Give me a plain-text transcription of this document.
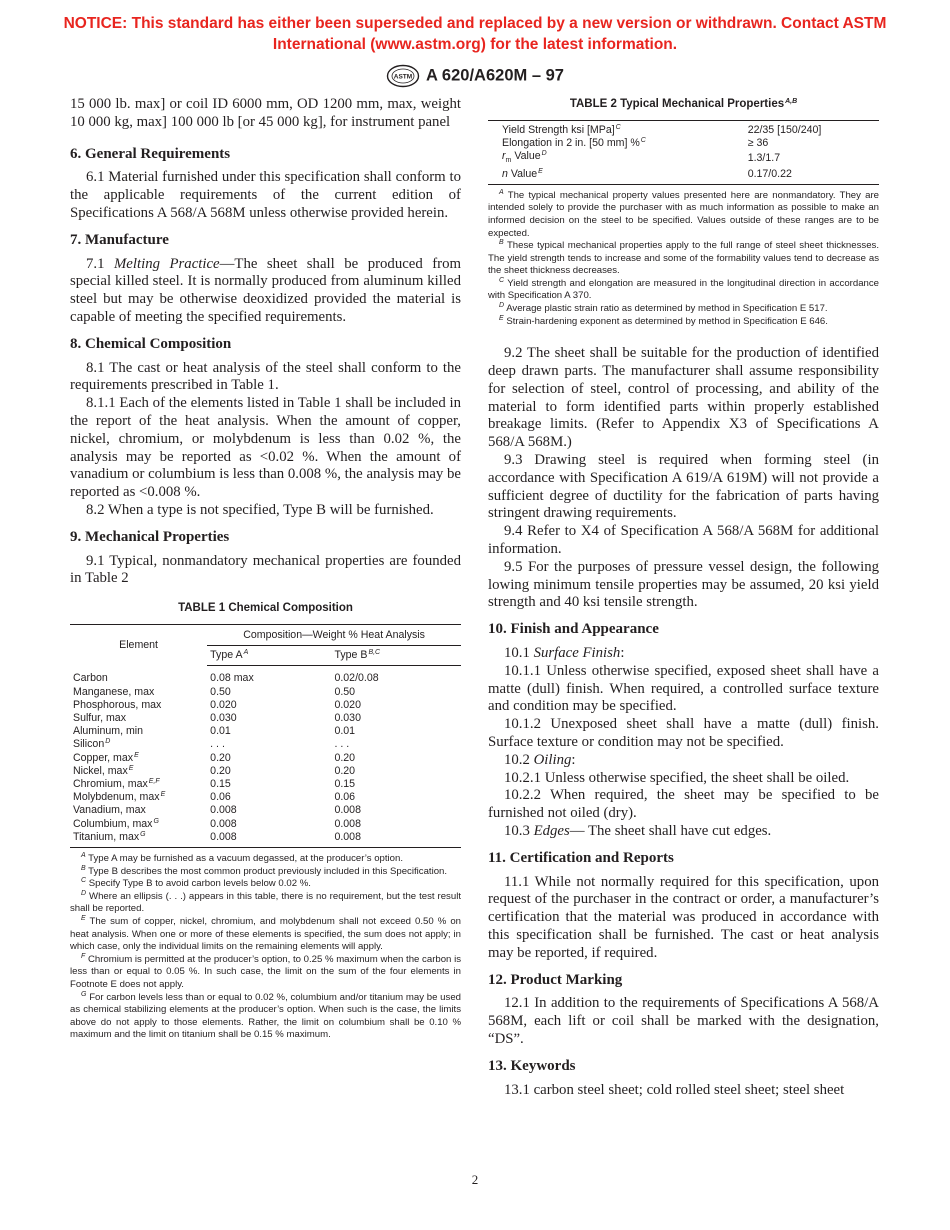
NOTICE: This standard has either been superseded and replaced by a new version or withdrawn. Contact ASTM International (www.astm.org) for the latest information.
ASTM A 620/A620M – 97

15 000 lb. max] or coil ID 6000 mm, OD 1200 mm, max, weight 10 000 kg, max] 100 000 lb [or 45 000 kg], for instrument panel

6. General Requirements

6.1 Material furnished under this specification shall conform to the applicable requirements of the current edition of Specifications A 568/A 568M unless otherwise provided herein.

7. Manufacture

7.1 Melting Practice—The sheet shall be produced from special killed steel. It is normally produced from aluminum killed steel but may be otherwise deoxidized provided the material is capable of meeting the specified requirements.

8. Chemical Composition

8.1 The cast or heat analysis of the steel shall conform to the requirements prescribed in Table 1.

8.1.1 Each of the elements listed in Table 1 shall be included in the report of the heat analysis. When the amount of copper, nickel, chromium, or molybdenum is less than 0.02 %, the analysis may be reported as <0.02 %. When the amount of vanadium or columbium is less than 0.008 %, the analysis may be reported as <0.008 %.

8.2 When a type is not specified, Type B will be furnished.

9. Mechanical Properties

9.1 Typical, nonmandatory mechanical properties are founded in Table 2

TABLE 1 Chemical Composition
Element	Composition—Weight % Heat Analysis	
	Type $A^A$	Type $B^{B,C}$
Carbon	0.08 max	0.02/0.08
Manganese, max	0.50	0.50
Phosphorous, max	0.020	0.020
Sulfur, max	0.030	0.030
Aluminum, min	0.01	0.01
Silicon$^D$	. . .	. . .
Copper, $\max^E$	0.20	0.20
Nickel, $\max^E$	0.20	0.20
Chromium, $\max^{E,F}$	0.15	0.15
Molybdenum, $\max^E$	0.06	0.06
Vanadium, max	0.008	0.008
Columbium, $\max^G$	0.008	0.008
Titanium, $\max^G$	0.008	0.008

$^A$ Type A may be furnished as a vacuum degassed, at the producer’s option.

$^B$ Type B describes the most common product previously included in this Specification.

$^C$ Specify Type B to avoid carbon levels below 0.02 %.

$^D$ Where an ellipsis (. . .) appears in this table, there is no requirement, but the test result shall be reported.

$^E$ The sum of copper, nickel, chromium, and molybdenum shall not exceed 0.50 % on heat analysis. When one or more of these elements is specified, the sum does not apply; in which case, only the individual limits on the remaining elements will apply.

$^F$ Chromium is permitted at the producer’s option, to 0.25 % maximum when the carbon is less than or equal to 0.05 %. In such case, the limit on the sum of the four elements in Footnote E does not apply.

$^G$ For carbon levels less than or equal to 0.02 %, columbium and/or titanium may be used as chemical stabilizing elements at the producer’s option. When such is the case, the limits above do not apply to those elements. Rather, the limit on columbium shall be 0.10 % maximum and the limit on titanium shall be 0.15 % maximum.

TABLE 2 Typical Mechanical Properties$^{A,B}$
Yield Strength ksi [MPa]$^C$	22/35 [150/240]
Elongation in 2 in. [50 mm] %$^C$	≥ 36
$r_m$ Value$^D$	1.3/1.7
n Value$^E$	0.17/0.22

$^A$ The typical mechanical property values presented here are nonmandatory. They are intended solely to provide the purchaser with as much information as possible to make an informed decision on the steel to be specified. Values outside of these ranges are to be expected.

$^B$ These typical mechanical properties apply to the full range of steel sheet thicknesses. The yield strength tends to increase and some of the formability values tend to decrease as the sheet thickness decreases.

$^C$ Yield strength and elongation are measured in the longitudinal direction in accordance with Specification A 370.

$^D$ Average plastic strain ratio as determined by method in Specification E 517.

$^E$ Strain-hardening exponent as determined by method in Specification E 646.

9.2 The sheet shall be suitable for the production of identified deep drawn parts. The manufacturer shall assume responsibility for selection of steel, control of processing, and ability of the material to form identified parts within properly established breakage limits. (Refer to Appendix X3 of Specifications A 568/A 568M.)

9.3 Drawing steel is required when forming steel (in accordance with Specification A 619/A 619M) will not provide a sufficient degree of ductility for the fabrication of parts having stringent drawing requirements.

9.4 Refer to X4 of Specification A 568/A 568M for additional information.

9.5 For the purposes of pressure vessel design, the following lowing minimum tensile properties may be assumed, 20 ksi yield strength and 40 ksi tensile strength.

10. Finish and Appearance

10.1 Surface Finish:

10.1.1 Unless otherwise specified, exposed sheet shall have a matte (dull) finish. When required, a controlled surface texture and condition may be specified.

10.1.2 Unexposed sheet shall have a matte (dull) finish. Surface texture or condition may not be specified.

10.2 Oiling:

10.2.1 Unless otherwise specified, the sheet shall be oiled.

10.2.2 When required, the sheet may be specified to be furnished not oiled (dry).

10.3 Edges— The sheet shall have cut edges.

11. Certification and Reports

11.1 While not normally required for this specification, upon request of the purchaser in the contract or order, a manufacturer’s certification that the material was produced in accordance with this specification shall be furnished. The cast or heat analysis may be reported, if required.

12. Product Marking

12.1 In addition to the requirements of Specifications A 568/A 568M, each lift or coil shall be marked with the designation, “DS”.

13. Keywords

13.1 carbon steel sheet; cold rolled steel sheet; steel sheet

2
